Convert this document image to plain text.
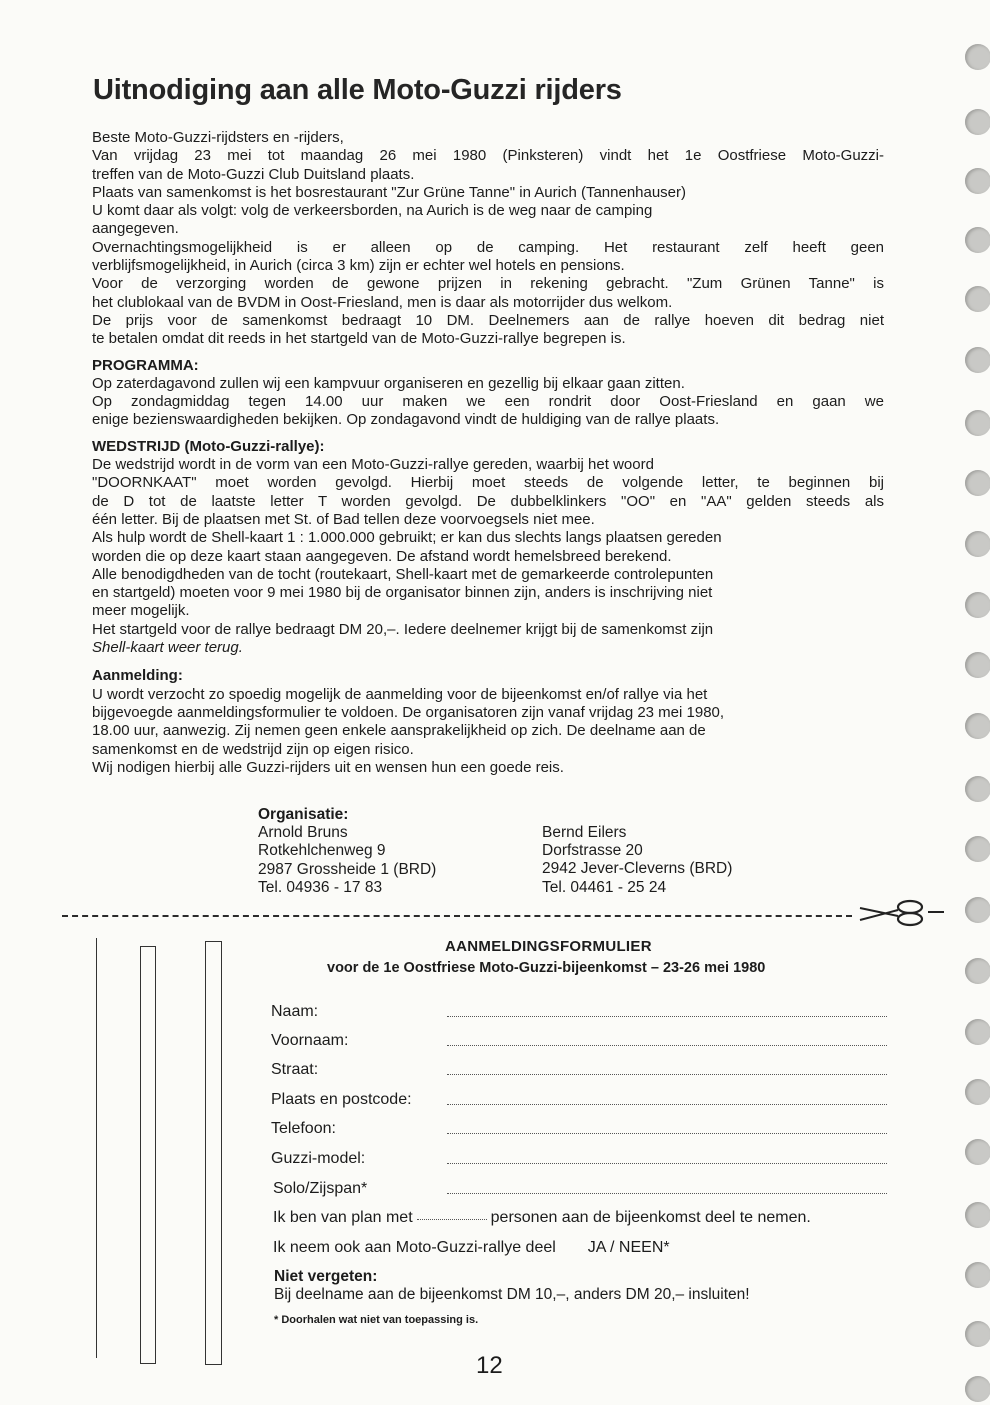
Uitnodiging aan alle Moto-Guzzi rijders
Beste Moto-Guzzi-rijdsters en -rijders,
Van vrijdag 23 mei tot maandag 26 mei 1980 (Pinksteren) vindt het 1e Oostfriese Moto-Guzzi-
treffen van de Moto-Guzzi Club Duitsland plaats.
Plaats van samenkomst is het bosrestaurant "Zur Grüne Tanne" in Aurich (Tannenhauser)
U komt daar als volgt: volg de verkeersborden, na Aurich is de weg naar de camping
aangegeven.
Overnachtingsmogelijkheid is er alleen op de camping. Het restaurant zelf heeft geen
verblijfsmogelijkheid, in Aurich (circa 3 km) zijn er echter wel hotels en pensions.
Voor de verzorging worden de gewone prijzen in rekening gebracht. "Zum Grünen Tanne" is
het clublokaal van de BVDM in Oost-Friesland, men is daar als motorrijder dus welkom.
De prijs voor de samenkomst bedraagt 10 DM. Deelnemers aan de rallye hoeven dit bedrag niet
te betalen omdat dit reeds in het startgeld van de Moto-Guzzi-rallye begrepen is.
PROGRAMMA:
Op zaterdagavond zullen wij een kampvuur organiseren en gezellig bij elkaar gaan zitten.
Op zondagmiddag tegen 14.00 uur maken we een rondrit door Oost-Friesland en gaan we
enige bezienswaardigheden bekijken. Op zondagavond vindt de huldiging van de rallye plaats.
WEDSTRIJD (Moto-Guzzi-rallye):
De wedstrijd wordt in de vorm van een Moto-Guzzi-rallye gereden, waarbij het woord
"DOORNKAAT" moet worden gevolgd. Hierbij moet steeds de volgende letter, te beginnen bij
de D tot de laatste letter T worden gevolgd. De dubbelklinkers "OO" en "AA" gelden steeds als
één letter. Bij de plaatsen met St. of Bad tellen deze voorvoegsels niet mee.
Als hulp wordt de Shell-kaart 1 : 1.000.000 gebruikt; er kan dus slechts langs plaatsen gereden
worden die op deze kaart staan aangegeven. De afstand wordt hemelsbreed berekend.
Alle benodigdheden van de tocht (routekaart, Shell-kaart met de gemarkeerde controlepunten
en startgeld) moeten voor 9 mei 1980 bij de organisator binnen zijn, anders is inschrijving niet
meer mogelijk.
Het startgeld voor de rallye bedraagt DM 20,–. Iedere deelnemer krijgt bij de samenkomst zijn
Shell-kaart weer terug.
Aanmelding:
U wordt verzocht zo spoedig mogelijk de aanmelding voor de bijeenkomst en/of rallye via het
bijgevoegde aanmeldingsformulier te voldoen. De organisatoren zijn vanaf vrijdag 23 mei 1980,
18.00 uur, aanwezig. Zij nemen geen enkele aansprakelijkheid op zich. De deelname aan de
samenkomst en de wedstrijd zijn op eigen risico.
Wij nodigen hierbij alle Guzzi-rijders uit en wensen hun een goede reis.
Organisatie:
Arnold Bruns
Rotkehlchenweg 9
2987 Grossheide 1 (BRD)
Tel. 04936 - 17 83
Bernd Eilers
Dorfstrasse 20
2942 Jever-Cleverns (BRD)
Tel. 04461 - 25 24
AANMELDINGSFORMULIER
voor de 1e Oostfriese Moto-Guzzi-bijeenkomst – 23-26 mei 1980
Naam:
Voornaam:
Straat:
Plaats en postcode:
Telefoon:
Guzzi-model:
Solo/Zijspan*
Ik ben van plan met	personen aan de bijeenkomst deel te nemen.
Ik neem ook aan Moto-Guzzi-rallye deel JA / NEEN*
Niet vergeten:
Bij deelname aan de bijeenkomst DM 10,–, anders DM 20,– insluiten!
* Doorhalen wat niet van toepassing is.
12
